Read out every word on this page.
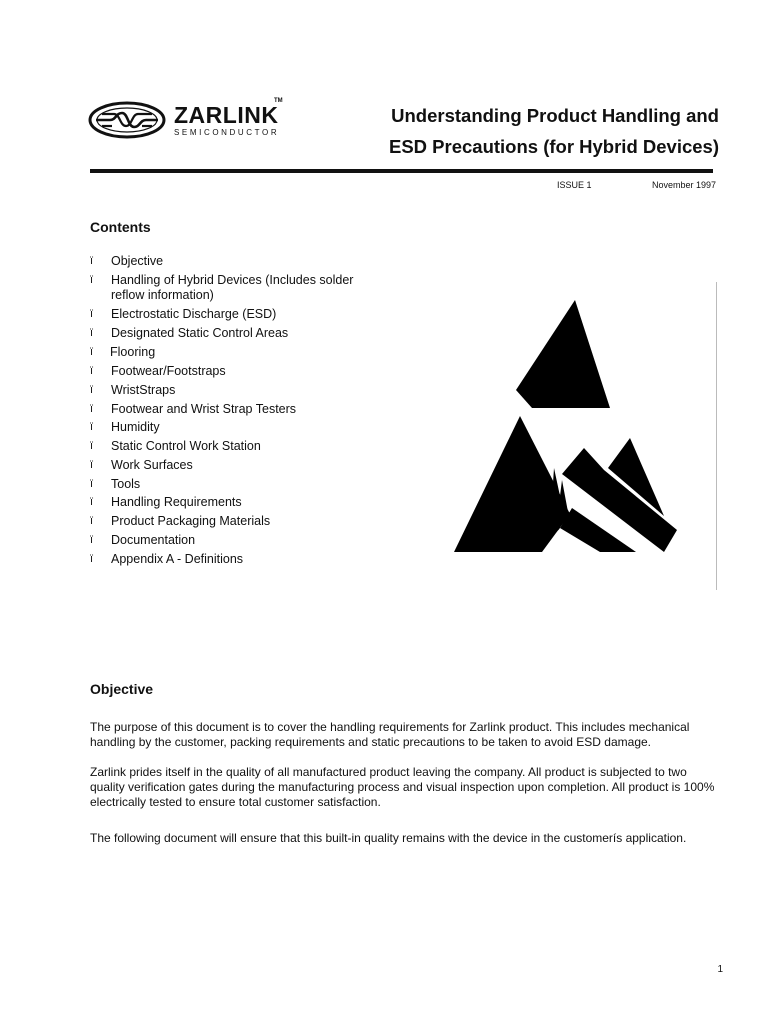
ZARLINK
TM
SEMICONDUCTOR
Understanding Product Handling and
ESD Precautions (for Hybrid Devices)
ISSUE 1	November 1997
Contents
ï Objective
ï Handling of Hybrid Devices (Includes solder reflow information)
ï Electrostatic Discharge (ESD)
ï Designated Static Control Areas
ï Flooring
ï Footwear/Footstraps
ï WristStraps
ï Footwear and Wrist Strap Testers
ï Humidity
ï Static Control Work Station
ï Work Surfaces
ï Tools
ï Handling Requirements
ï Product Packaging Materials
ï Documentation
ï Appendix A - Definitions
Objective
The purpose of this document is to cover the handling requirements for Zarlink product. This includes mechanical handling by the customer, packing requirements and static precautions to be taken to avoid ESD damage.
Zarlink prides itself in the quality of all manufactured product leaving the company. All product is subjected to two quality verification gates during the manufacturing process and visual inspection upon completion. All product is 100% electrically tested to ensure total customer satisfaction.
The following document will ensure that this built-in quality remains with the device in the customerís application.
1
